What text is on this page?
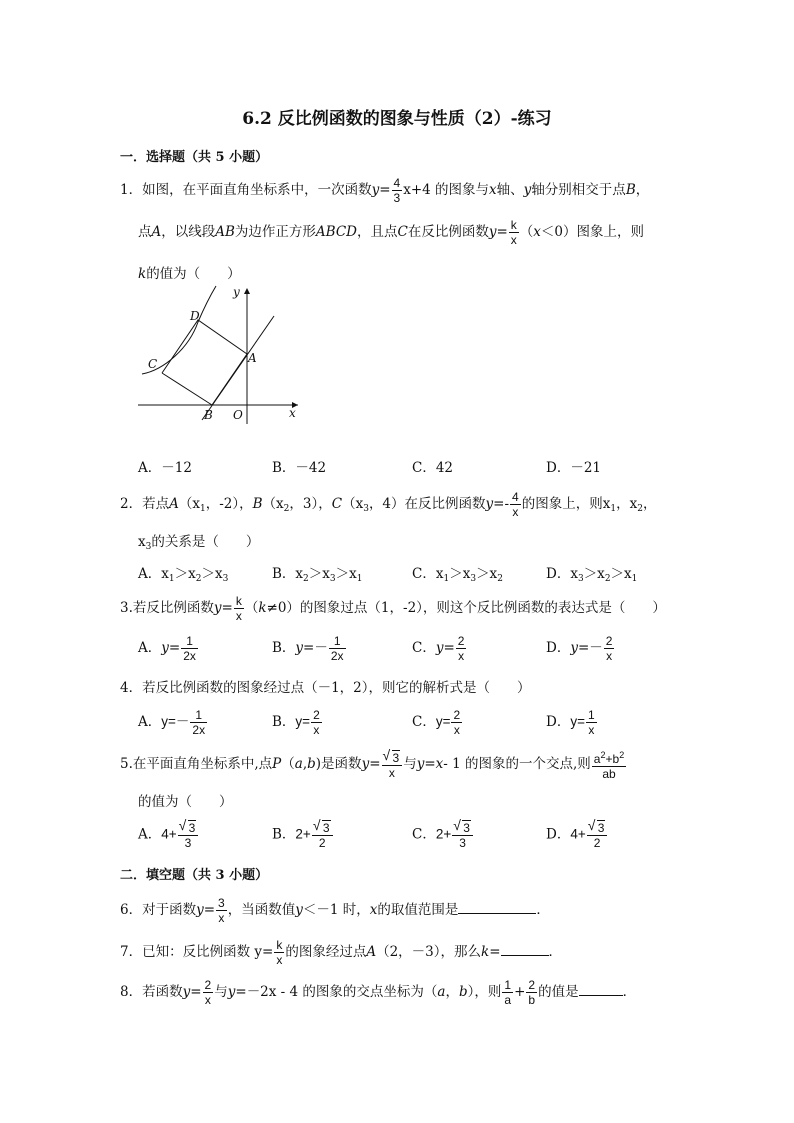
6.2 反比例函数的图象与性质（2）-练习
一．选择题（共 5 小题）
1．如图，在平面直角坐标系中，一次函数$y= \frac{4}{3} x+4$ 的图象与x轴、y轴分别相交于点B，
点A，以线段AB为边作正方形ABCD，且点C在反比例函数$y= \frac{k}{x} (x<0)$图象上，则
k的值为（　　）
y
x
D
A
C
B O
A．－12	B．－42	C．42	D．－21
2．若点$A(x_1$，-2），$B(x_2$，3），$C(x_3$，4）在反比例函数$y=- \frac{4}{x}$ 的图象上，则$x_1$，$x_2$，
$x_3$的关系是（　　）
A．$x_1>x_2>x_3$	B．$x_2>x_3>x_1$	C．$x_1>x_3>x_2$	D．$x_3>x_2>x_1$
3.若反比例函数$y= \frac{k}{x} (k\ne 0)$的图象过点（1，-2），则这个反比例函数的表达式是（　　）
A．$y= \frac{1}{2x}$	B．$y=- \frac{1}{2x}$	C．$y= \frac{2}{x}$	D．$y=- \frac{2}{x}$
4．若反比例函数的图象经过点（－1，2），则它的解析式是（　　）
A．$y=- \frac{1}{2x}$	B．$y= \frac{2}{x}$	C．$y= \frac{2}{x}$	D．$y= \frac{1}{x}$
5.在平面直角坐标系中,点P（a,b)是函数y= √ $\frac{3}{x}$ 与y=x- 1 的图象的一个交点,则 $\frac{a^2+b^2}{ab}$
的值为（　　）
A．4+ √ $\frac{3}{3}$	B．2+ √ $\frac{3}{2}$	C．2+ √ $\frac{3}{3}$	D．4+ √ $\frac{3}{2}$
二．填空题（共 3 小题）
6．对于函数$y= \frac{3}{x}$ ，当函数值y＜－1 时，x的取值范围是	．
7．已知：反比例函数 $y= \frac{k}{x}$ 的图象经过点A（2，－3），那么k=	．
8．若函数$y= \frac{2}{x}$ 与y=－2x - 4 的图象的交点坐标为（a，b），则 $\frac{1}{a} + \frac{2}{b}$ 的值是	．
